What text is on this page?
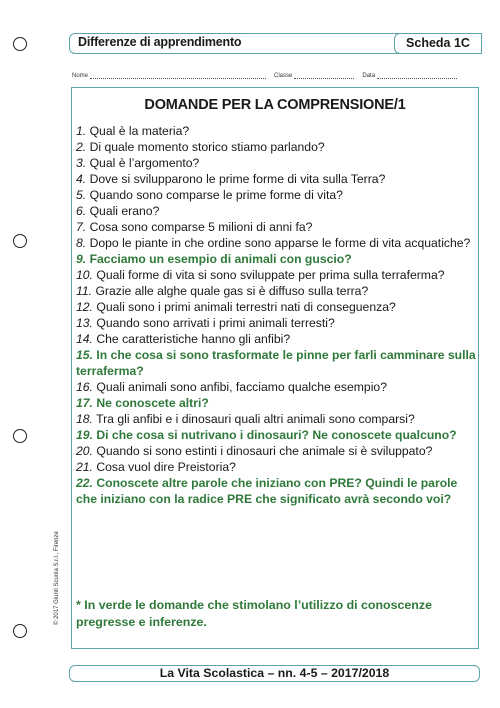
Differenze di apprendimento	Scheda 1C
Nome	Classe	Data
DOMANDE PER LA COMPRENSIONE/1
1. Qual è la materia?
2. Di quale momento storico stiamo parlando?
3. Qual è l’argomento?
4. Dove si svilupparono le prime forme di vita sulla Terra?
5. Quando sono comparse le prime forme di vita?
6. Quali erano?
7. Cosa sono comparse 5 milioni di anni fa?
8. Dopo le piante in che ordine sono apparse le forme di vita acquatiche?
9. Facciamo un esempio di animali con guscio?
10. Quali forme di vita si sono sviluppate per prima sulla terraferma?
11. Grazie alle alghe quale gas si è diffuso sulla terra?
12. Quali sono i primi animali terrestri nati di conseguenza?
13. Quando sono arrivati i primi animali terresti?
14. Che caratteristiche hanno gli anfibi?
15. In che cosa si sono trasformate le pinne per farli camminare sulla terraferma?
16. Quali animali sono anfibi, facciamo qualche esempio?
17. Ne conoscete altri?
18. Tra gli anfibi e i dinosauri quali altri animali sono comparsi?
19. Di che cosa si nutrivano i dinosauri? Ne conoscete qualcuno?
20. Quando si sono estinti i dinosauri che animale si è sviluppato?
21. Cosa vuol dire Preistoria?
22. Conoscete altre parole che iniziano con PRE? Quindi le parole che iniziano con la radice PRE che significato avrà secondo voi?
* In verde le domande che stimolano l’utilizzo di conoscenze pregresse e inferenze.
© 2017 Giunti Scuola S.r.l., Firenze
La Vita Scolastica – nn. 4-5 – 2017/2018
